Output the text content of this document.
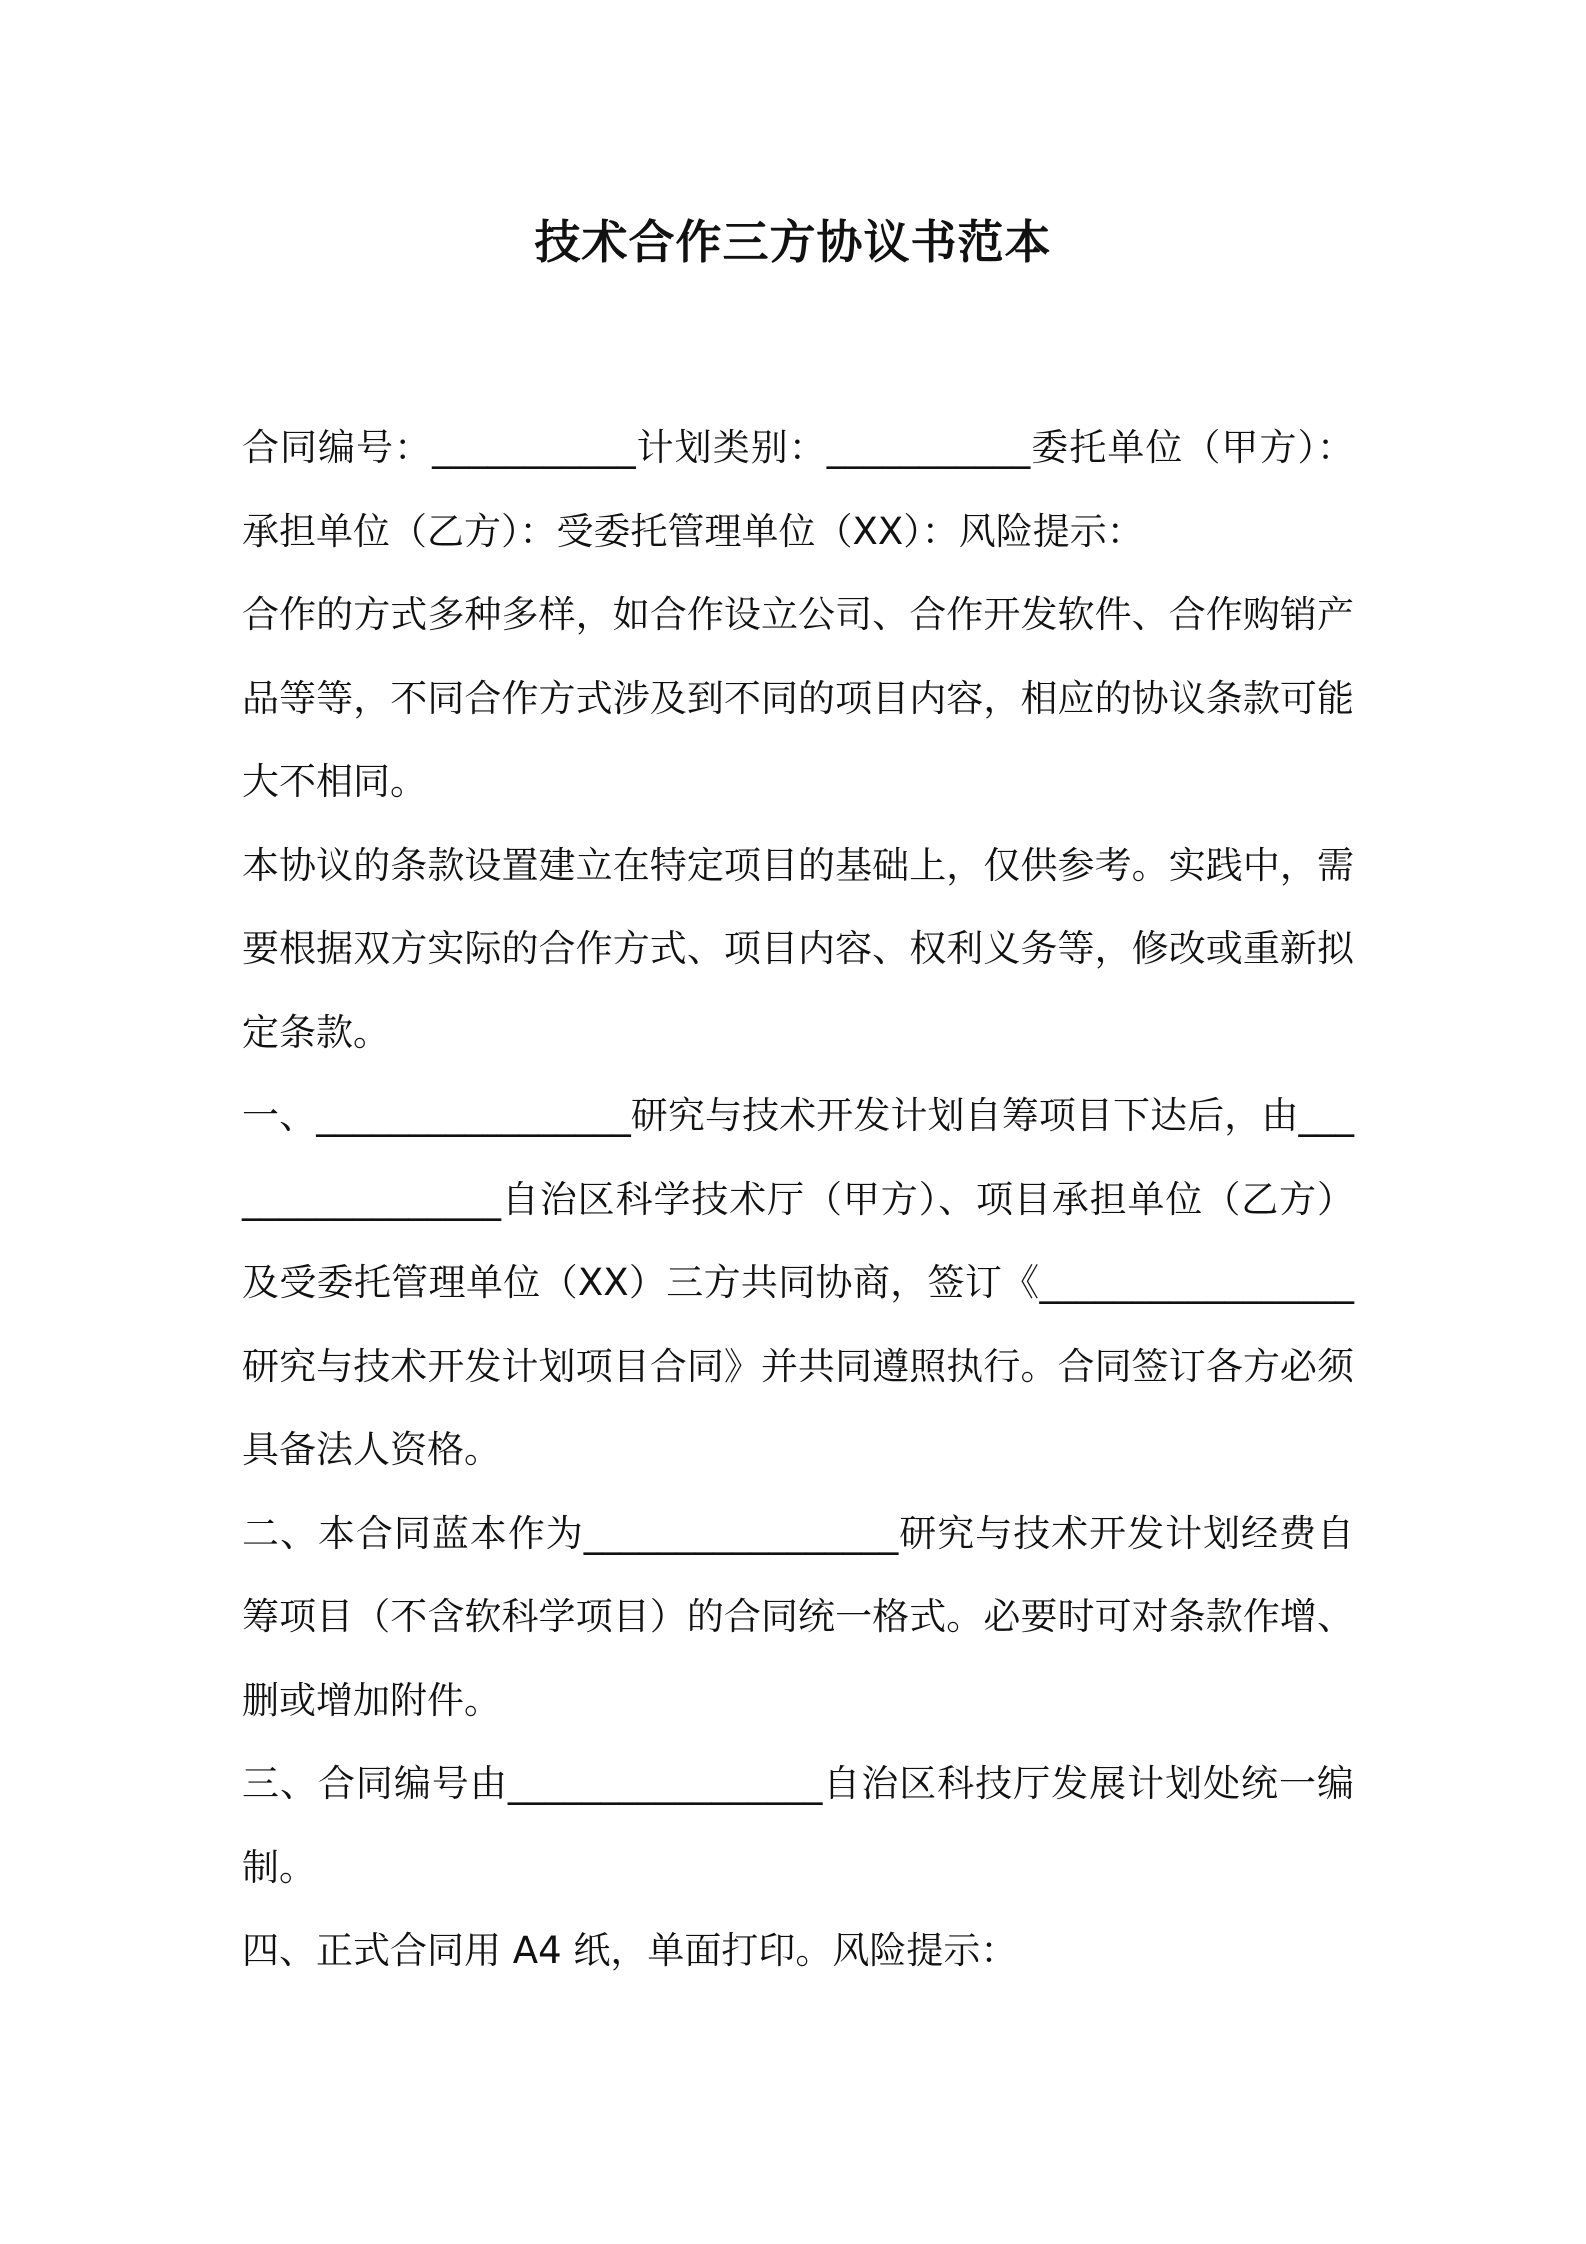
技术合作三方协议书范本

合同编号：___________计划类别：___________委托单位（甲方）：承担单位（乙方）：受委托管理单位（XX）：风险提示：

合作的方式多种多样，如合作设立公司、合作开发软件、合作购销产品等等，不同合作方式涉及到不同的项目内容，相应的协议条款可能大不相同。

本协议的条款设置建立在特定项目的基础上，仅供参考。实践中，需要根据双方实际的合作方式、项目内容、权利义务等，修改或重新拟定条款。

一、_________________研究与技术开发计划自筹项目下达后，由_________________自治区科学技术厅（甲方）、项目承担单位（乙方）及受委托管理单位（XX）三方共同协商，签订《_________________研究与技术开发计划项目合同》并共同遵照执行。合同签订各方必须具备法人资格。

二、本合同蓝本作为_________________研究与技术开发计划经费自筹项目（不含软科学项目）的合同统一格式。必要时可对条款作增、删或增加附件。

三、合同编号由_________________自治区科技厅发展计划处统一编制。

四、正式合同用 A4 纸，单面打印。风险提示：
